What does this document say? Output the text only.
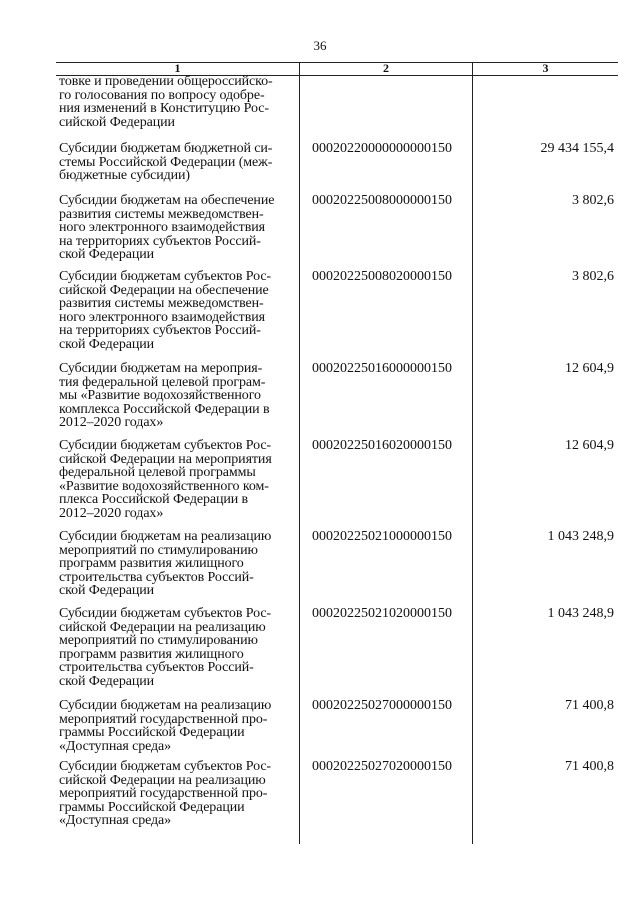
36
1	2	3
товке и проведении общероссийско-
го голосования по вопросу одобре-
ния изменений в Конституцию Рос-
сийской Федерации
Субсидии бюджетам бюджетной си-
стемы Российской Федерации (меж-
бюджетные субсидии)
00020220000000000150	29 434 155,4
Субсидии бюджетам на обеспечение
развития системы межведомствен-
ного электронного взаимодействия
на территориях субъектов Россий-
ской Федерации
00020225008000000150	3 802,6
Субсидии бюджетам субъектов Рос-
сийской Федерации на обеспечение
развития системы межведомствен-
ного электронного взаимодействия
на территориях субъектов Россий-
ской Федерации
00020225008020000150	3 802,6
Субсидии бюджетам на мероприя-
тия федеральной целевой програм-
мы «Развитие водохозяйственного
комплекса Российской Федерации в
2012–2020 годах»
00020225016000000150	12 604,9
Субсидии бюджетам субъектов Рос-
сийской Федерации на мероприятия
федеральной целевой программы
«Развитие водохозяйственного ком-
плекса Российской Федерации в
2012–2020 годах»
00020225016020000150	12 604,9
Субсидии бюджетам на реализацию
мероприятий по стимулированию
программ развития жилищного
строительства субъектов Россий-
ской Федерации
00020225021000000150	1 043 248,9
Субсидии бюджетам субъектов Рос-
сийской Федерации на реализацию
мероприятий по стимулированию
программ развития жилищного
строительства субъектов Россий-
ской Федерации
00020225021020000150	1 043 248,9
Субсидии бюджетам на реализацию
мероприятий государственной про-
граммы Российской Федерации
«Доступная среда»
00020225027000000150	71 400,8
Субсидии бюджетам субъектов Рос-
сийской Федерации на реализацию
мероприятий государственной про-
граммы Российской Федерации
«Доступная среда»
00020225027020000150	71 400,8
